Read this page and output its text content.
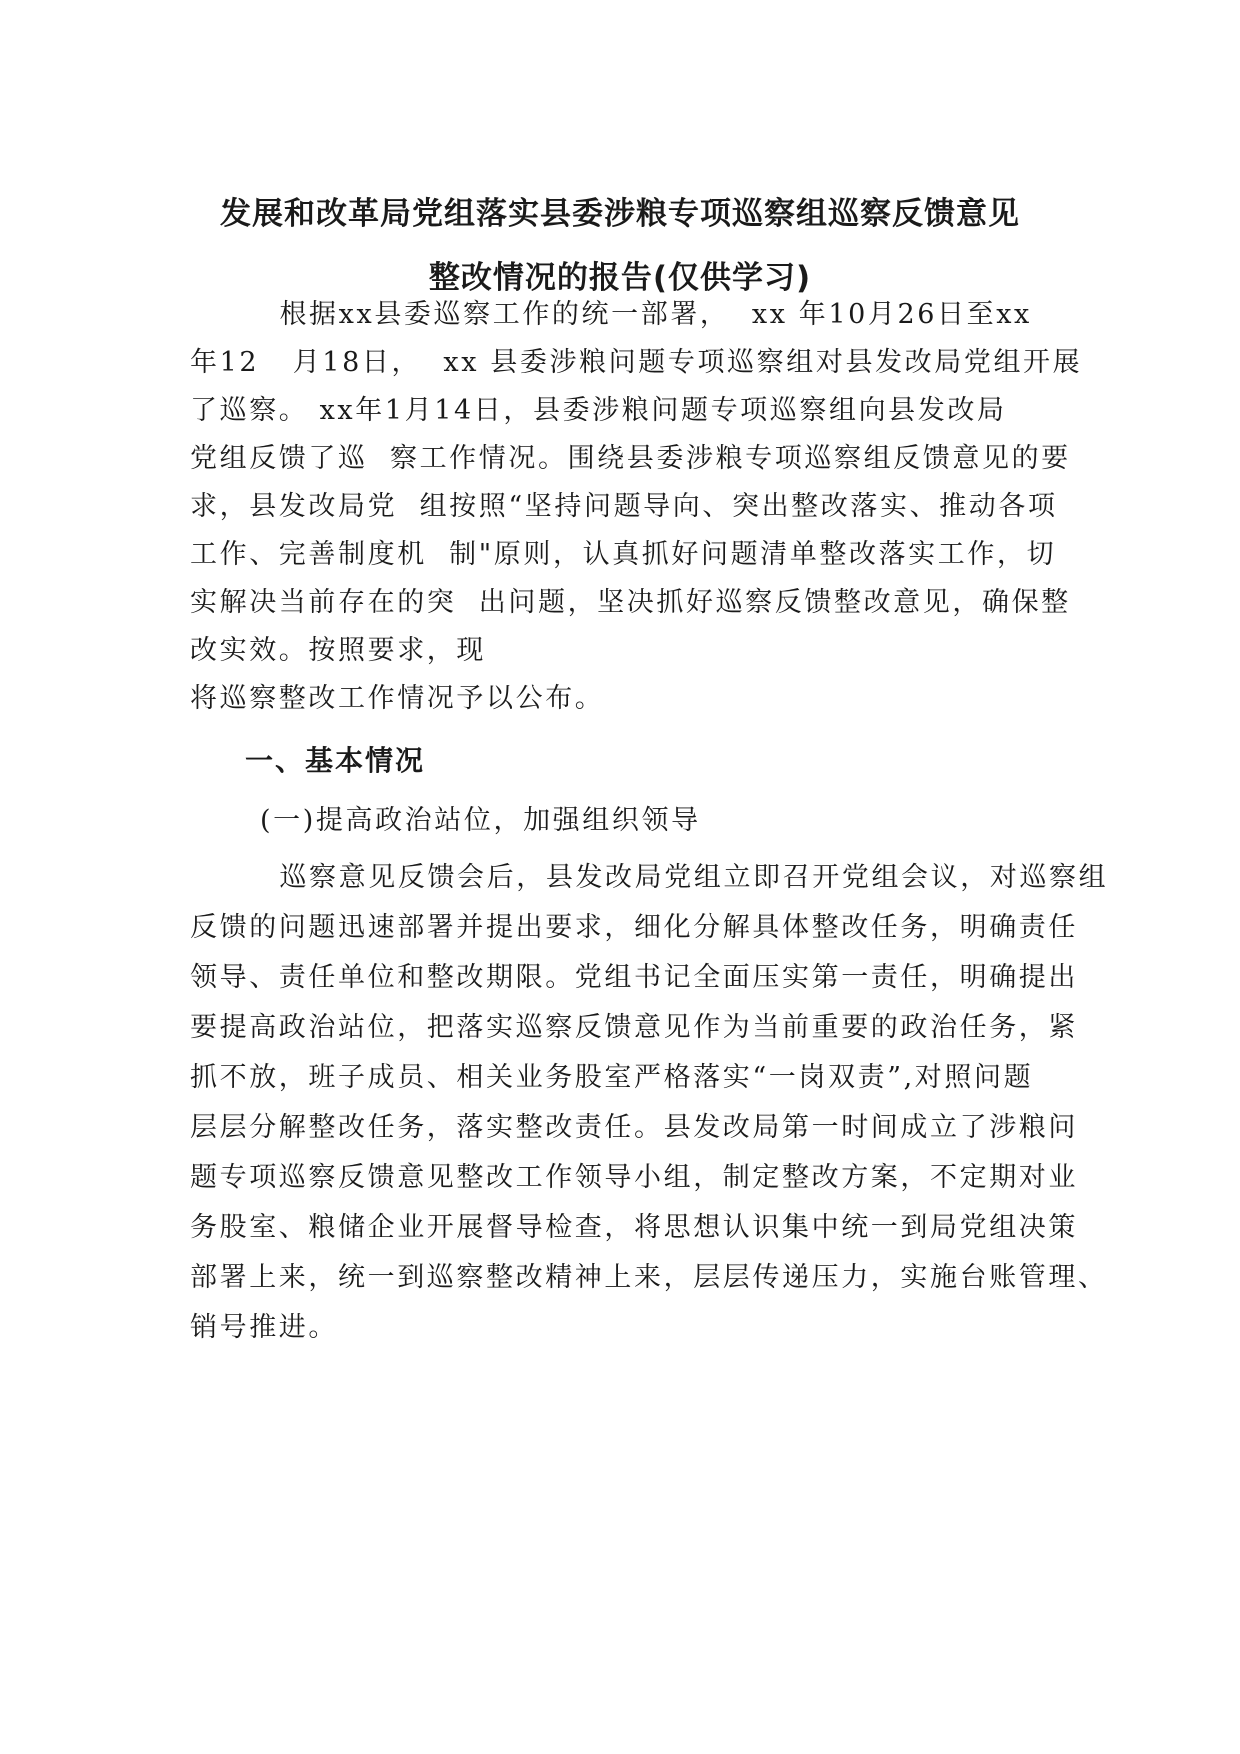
发展和改革局党组落实县委涉粮专项巡察组巡察反馈意见
整改情况的报告(仅供学习)
根据xx县委巡察工作的统一部署，  xx 年10月26日至xx
年12   月18日，  xx 县委涉粮问题专项巡察组对县发改局党组开展
了巡察。 xx年1月14日，县委涉粮问题专项巡察组向县发改局
党组反馈了巡  察工作情况。围绕县委涉粮专项巡察组反馈意见的要
求，县发改局党  组按照“坚持问题导向、突出整改落实、推动各项
工作、完善制度机  制"原则，认真抓好问题清单整改落实工作，切
实解决当前存在的突  出问题，坚决抓好巡察反馈整改意见，确保整
改实效。按照要求，现
将巡察整改工作情况予以公布。
一、基本情况
(一)提高政治站位，加强组织领导
巡察意见反馈会后，县发改局党组立即召开党组会议，对巡察组
反馈的问题迅速部署并提出要求，细化分解具体整改任务，明确责任
领导、责任单位和整改期限。党组书记全面压实第一责任，明确提出
要提高政治站位，把落实巡察反馈意见作为当前重要的政治任务，紧
抓不放，班子成员、相关业务股室严格落实“一岗双责”,对照问题
层层分解整改任务，落实整改责任。县发改局第一时间成立了涉粮问
题专项巡察反馈意见整改工作领导小组，制定整改方案，不定期对业
务股室、粮储企业开展督导检查，将思想认识集中统一到局党组决策
部署上来，统一到巡察整改精神上来，层层传递压力，实施台账管理、
销号推进。
